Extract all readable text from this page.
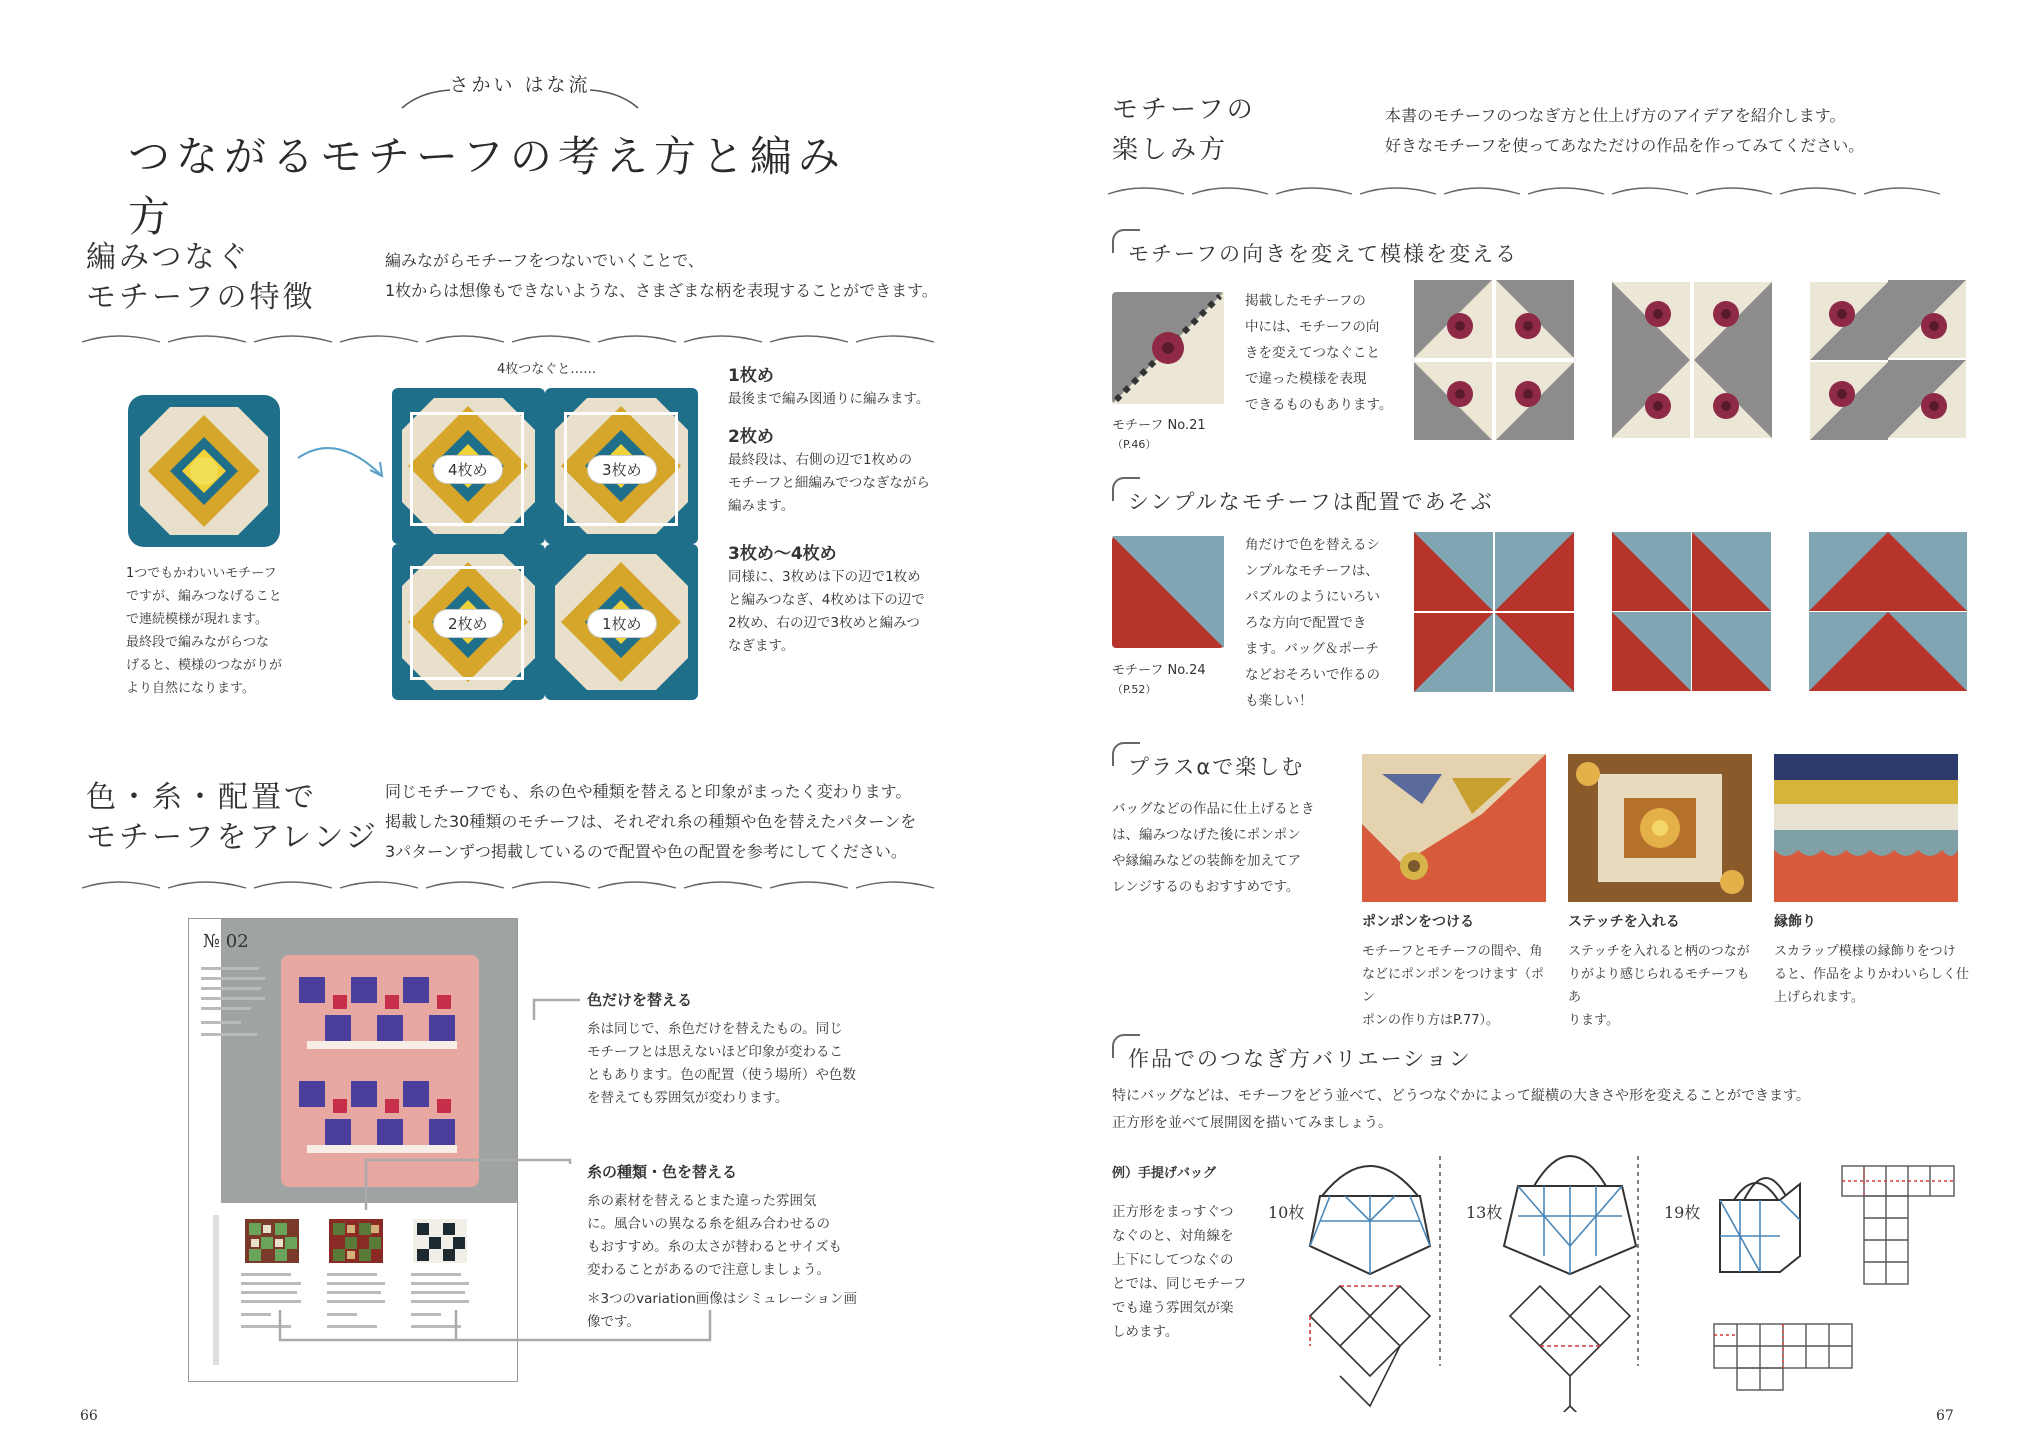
さかい はな流
つながるモチーフの考え方と編み方
編みつなぐ
モチーフの特徴
編みながらモチーフをつないでいくことで、
1枚からは想像もできないような、さまざまな柄を表現することができます。
1つでもかわいいモチーフ
ですが、編みつなげること
で連続模様が現れます。
最終段で編みながらつな
げると、模様のつながりが
より自然になります。
4枚つなぐと……
4枚め	3枚め
2枚め	1枚め
1枚め
最後まで編み図通りに編みます。
2枚め
最終段は、右側の辺で1枚めの
モチーフと細編みでつなぎながら
編みます。
3枚め〜4枚め
同様に、3枚めは下の辺で1枚め
と編みつなぎ、4枚めは下の辺で
2枚め、右の辺で3枚めと編みつ
なぎます。
色・糸・配置で
モチーフをアレンジ
同じモチーフでも、糸の色や種類を替えると印象がまったく変わります。
掲載した30種類のモチーフは、それぞれ糸の種類や色を替えたパターンを
3パターンずつ掲載しているので配置や色の配置を参考にしてください。
№ 02
色だけを替える
糸は同じで、糸色だけを替えたもの。同じ
モチーフとは思えないほど印象が変わるこ
ともあります。色の配置（使う場所）や色数
を替えても雰囲気が変わります。
糸の種類・色を替える
糸の素材を替えるとまた違った雰囲気
に。風合いの異なる糸を組み合わせるの
もおすすめ。糸の太さが替わるとサイズも
変わることがあるので注意しましょう。
＊3つのvariation画像はシミュレーション画
像です。
66
モチーフの
楽しみ方
本書のモチーフのつなぎ方と仕上げ方のアイデアを紹介します。
好きなモチーフを使ってあなただけの作品を作ってみてください。
モチーフの向きを変えて模様を変える
掲載したモチーフの
中には、モチーフの向
きを変えてつなぐこと
で違った模様を表現
できるものもあります。
モチーフ No.21
（P.46）
シンプルなモチーフは配置であそぶ
角だけで色を替えるシ
ンプルなモチーフは、
パズルのようにいろい
ろな方向で配置でき
ます。バッグ＆ポーチ
などおそろいで作るの
も楽しい！
モチーフ No.24
（P.52）
プラスαで楽しむ
バッグなどの作品に仕上げるとき
は、編みつなげた後にポンポン
や縁編みなどの装飾を加えてア
レンジするのもおすすめです。
ポンポンをつける
モチーフとモチーフの間や、角
などにポンポンをつけます（ポン
ポンの作り方はP.77）。
ステッチを入れる
ステッチを入れると柄のつなが
りがより感じられるモチーフもあ
ります。
縁飾り
スカラップ模様の縁飾りをつけ
ると、作品をよりかわいらしく仕
上げられます。
作品でのつなぎ方バリエーション
特にバッグなどは、モチーフをどう並べて、どうつなぐかによって縦横の大きさや形を変えることができます。
正方形を並べて展開図を描いてみましょう。
例）手提げバッグ
正方形をまっすぐつ
なぐのと、対角線を
上下にしてつなぐの
とでは、同じモチーフ
でも違う雰囲気が楽
しめます。
10枚	13枚	19枚
67
